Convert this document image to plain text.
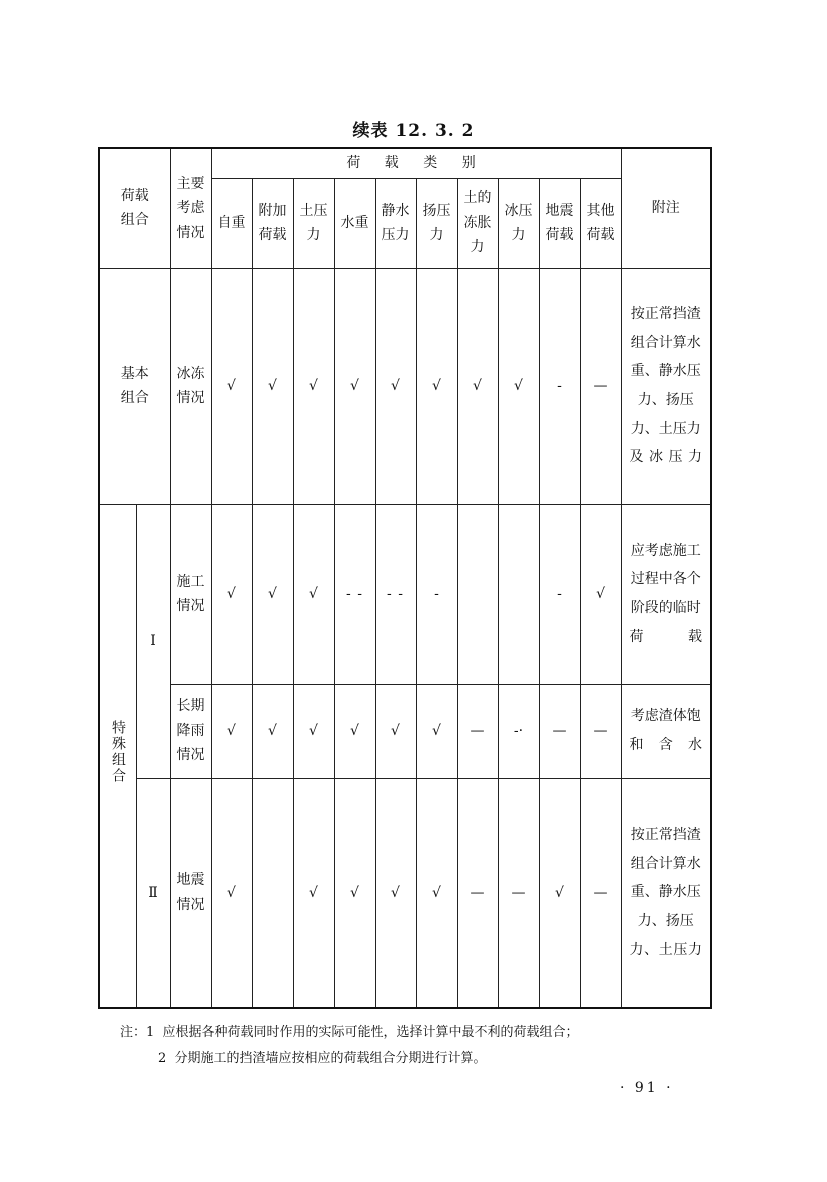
续表 12. 3. 2
荷载组合		主要考虑情况	荷 载 类 别										附注
			自重	附加荷载	土压力	水重	静水压力	扬压力	土的冻胀力	冰压力	地震荷载	其他荷载	
基本组合		冰冻情况	√	√	√	√	√	√	√	√	-	—	按正常挡渣组合计算水重、静水压力、扬压力、土压力及冰压力
特殊组合	Ⅰ	施工情况	√	√	√	- -	- -	-			-	√	应考虑施工过程中各个阶段的临时荷载
		长期降雨情况	√	√	√	√	√	√	—	-·	—	—	考虑渣体饱和含水
	Ⅱ	地震情况	√		√	√	√	√	—	—	√	—	按正常挡渣组合计算水重、静水压力、扬压力、土压力
注：1 应根据各种荷载同时作用的实际可能性，选择计算中最不利的荷载组合；
2 分期施工的挡渣墙应按相应的荷载组合分期进行计算。
· 91 ·
